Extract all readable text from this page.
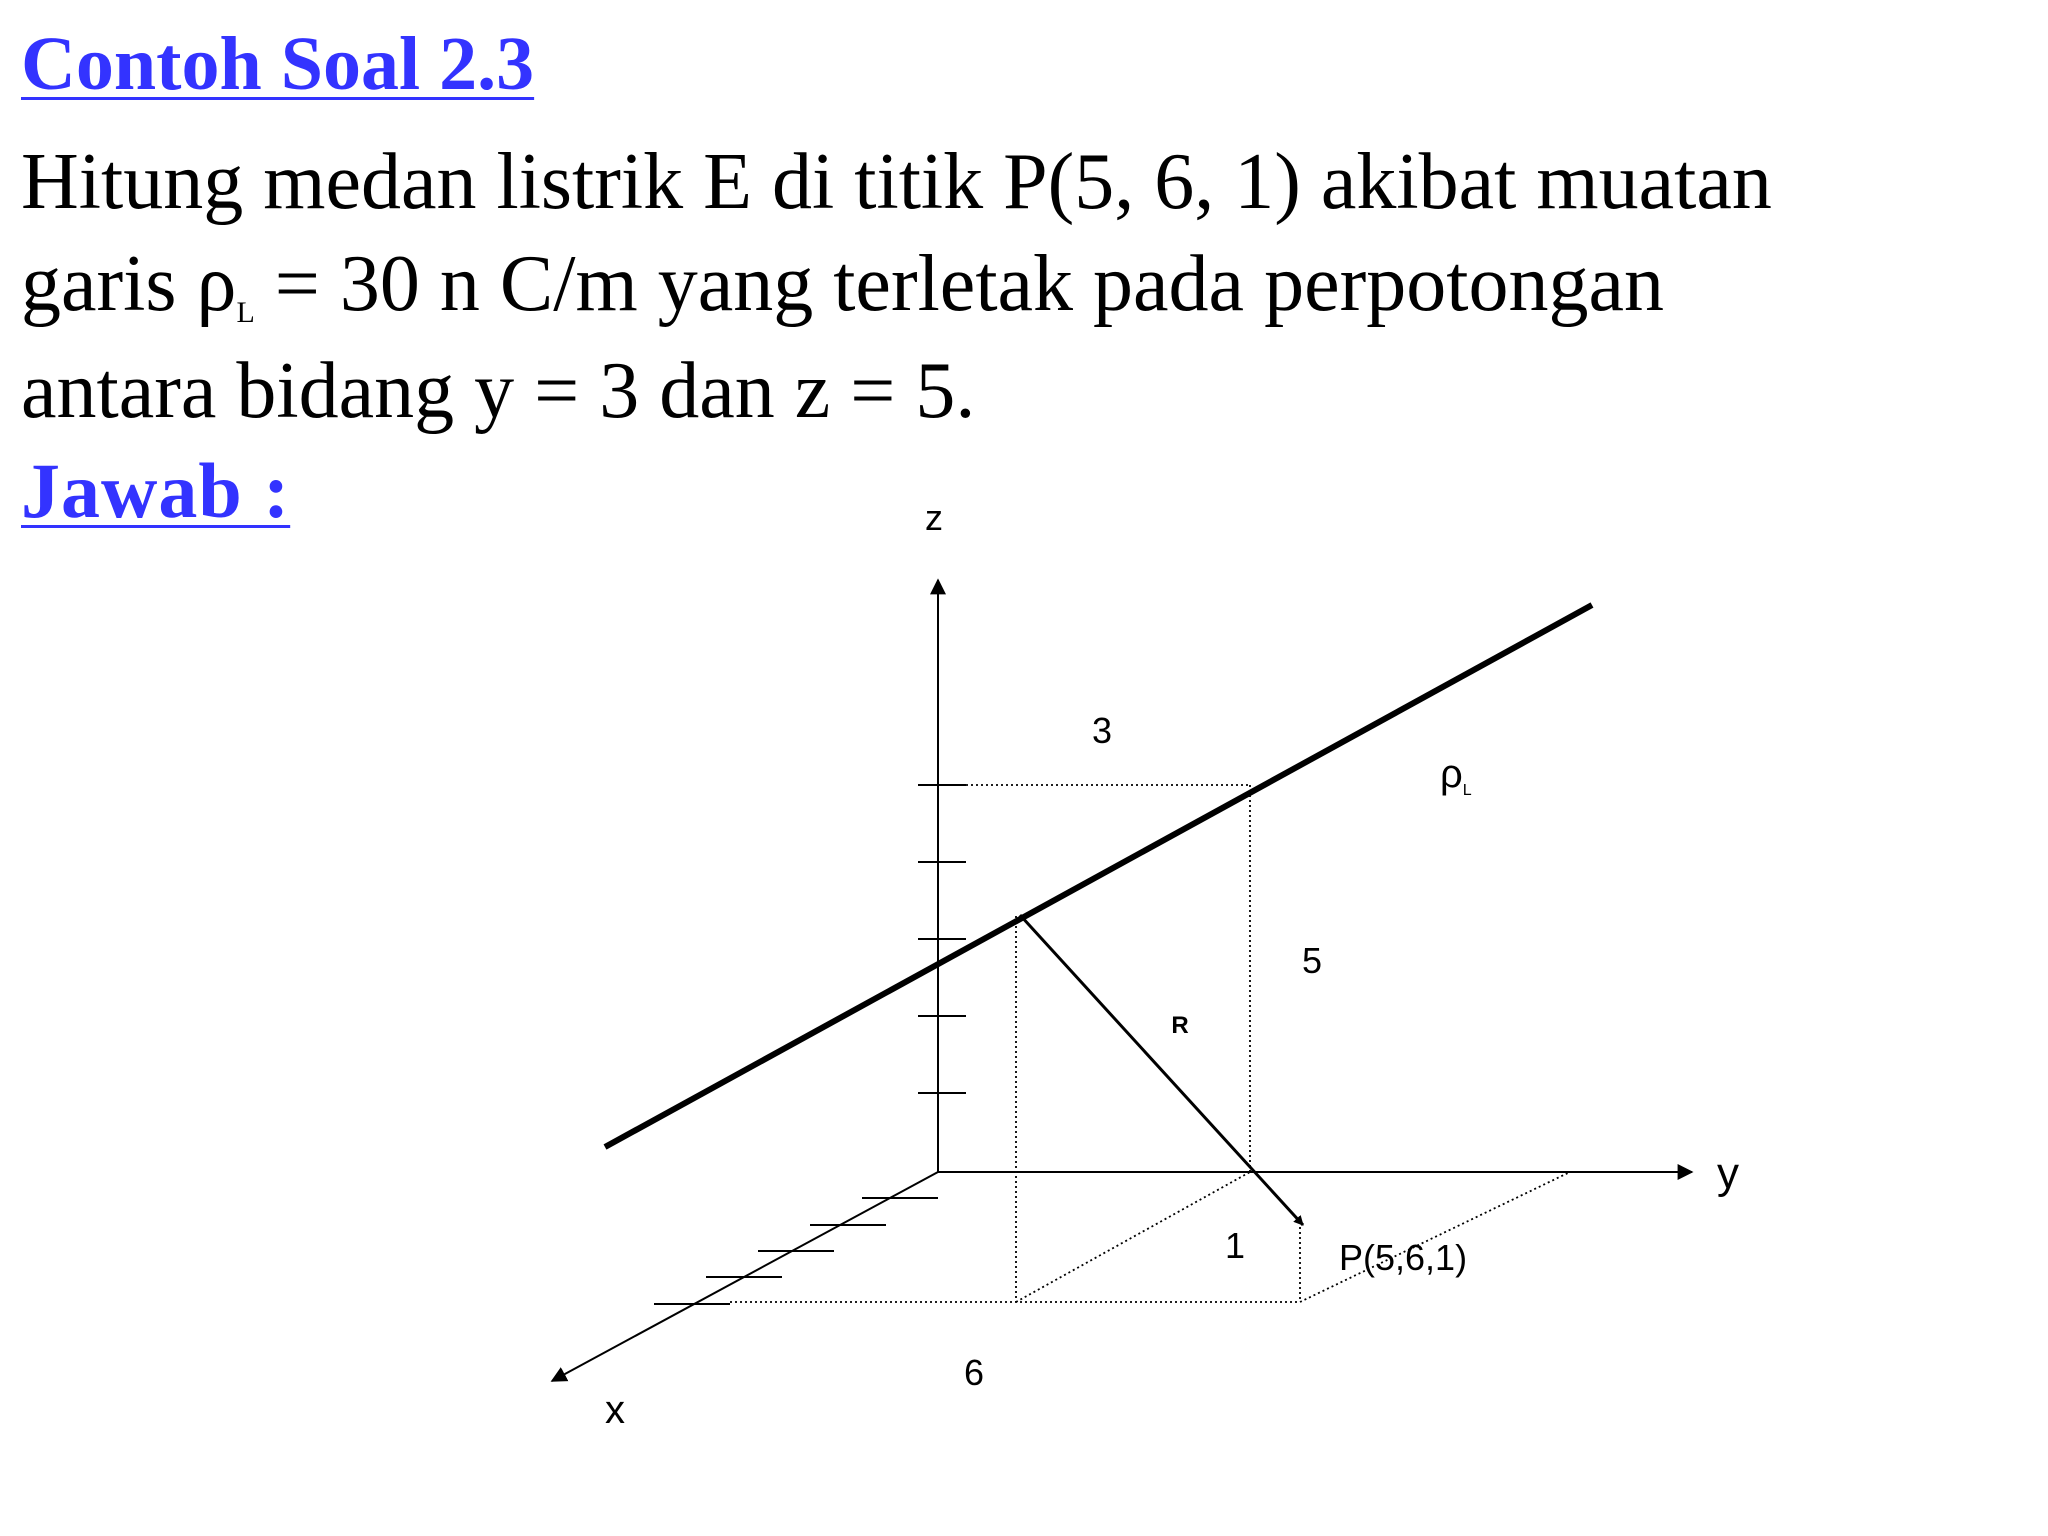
Contoh Soal 2.3

Hitung medan listrik E di titik P(5, 6, 1) akibat muatan

garis $\rho_L = 30$ n C/m yang terletak pada perpotongan

antara bidang y = 3 dan z = 5.

Jawab :	z
y
x
3
5
6
1
R
$\rho_L$
P(5,6,1)
